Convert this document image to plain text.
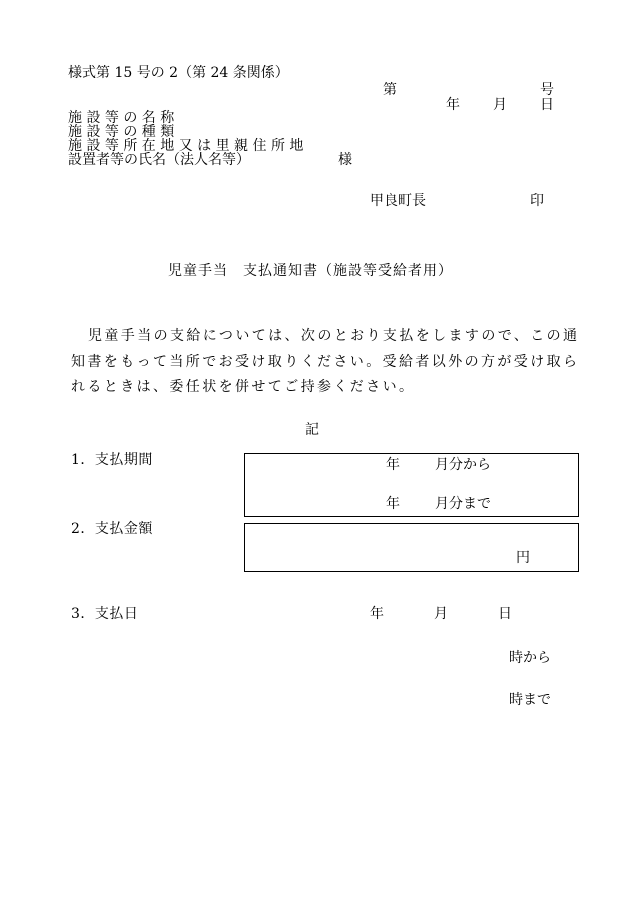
様式第 15 号の 2（第 24 条関係）
第	号
年 月 日
施 設 等 の 名 称
施 設 等 の 種 類
施 設 等 所 在 地 又 は 里 親 住 所 地
設置者等の氏名（法人名等）	様
甲良町長	印
児童手当　支払通知書（施設等受給者用）
児童手当の支給については、次のとおり支払をしますので、この通
知書をもって当所でお受け取りください。受給者以外の方が受け取ら
れるときは、委任状を併せてご持参ください。
記
1．支払期間	年	月分から
年	月分まで
2．支払金額
円
3．支払日	年	月	日
時から
時まで
